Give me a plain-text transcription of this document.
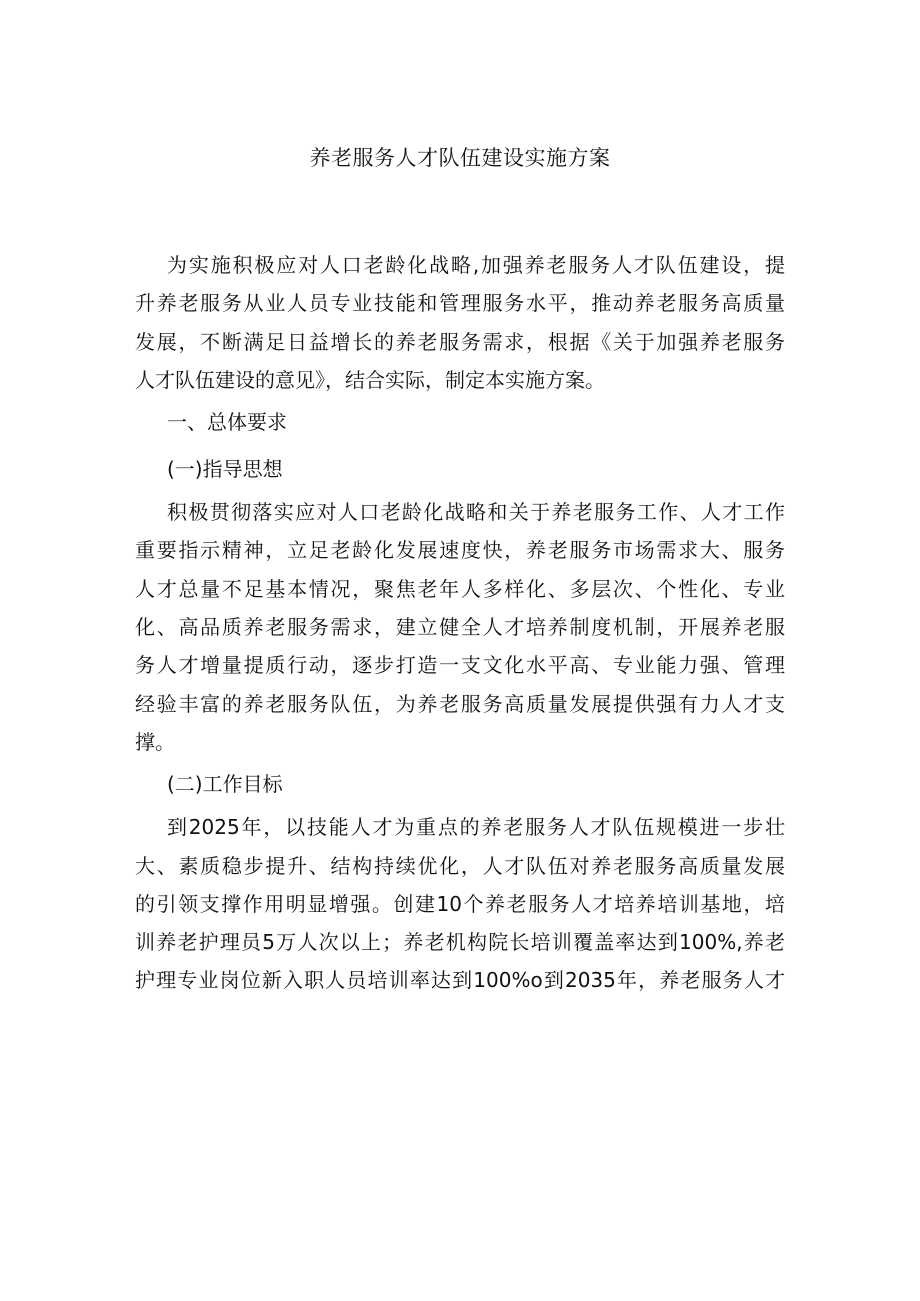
养老服务人才队伍建设实施方案
为实施积极应对人口老龄化战略,加强养老服务人才队伍建设，提
升养老服务从业人员专业技能和管理服务水平，推动养老服务高质量
发展，不断满足日益增长的养老服务需求，根据《关于加强养老服务
人才队伍建设的意见》，结合实际，制定本实施方案。
一、总体要求
(一)指导思想
积极贯彻落实应对人口老龄化战略和关于养老服务工作、人才工作
重要指示精神，立足老龄化发展速度快，养老服务市场需求大、服务
人才总量不足基本情况，聚焦老年人多样化、多层次、个性化、专业
化、高品质养老服务需求，建立健全人才培养制度机制，开展养老服
务人才增量提质行动，逐步打造一支文化水平高、专业能力强、管理
经验丰富的养老服务队伍，为养老服务高质量发展提供强有力人才支
撑。
(二)工作目标
到2025年，以技能人才为重点的养老服务人才队伍规模进一步壮
大、素质稳步提升、结构持续优化，人才队伍对养老服务高质量发展
的引领支撑作用明显增强。创建10个养老服务人才培养培训基地，培
训养老护理员5万人次以上；养老机构院长培训覆盖率达到100%,养老
护理专业岗位新入职人员培训率达到100%o到2035年，养老服务人才
